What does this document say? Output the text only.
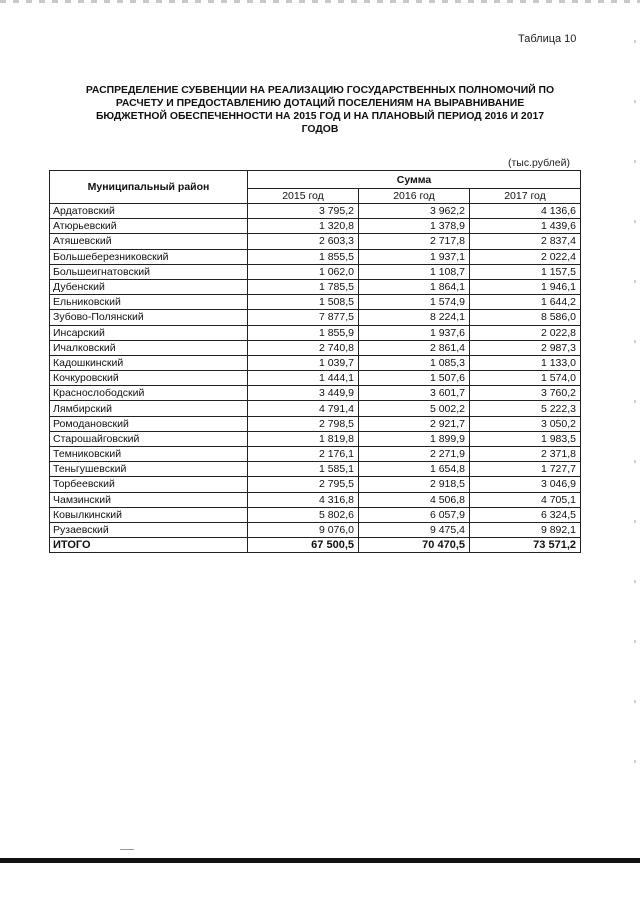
Таблица 10
РАСПРЕДЕЛЕНИЕ СУБВЕНЦИИ НА РЕАЛИЗАЦИЮ ГОСУДАРСТВЕННЫХ ПОЛНОМОЧИЙ ПО
РАСЧЕТУ И ПРЕДОСТАВЛЕНИЮ ДОТАЦИЙ ПОСЕЛЕНИЯМ НА ВЫРАВНИВАНИЕ
БЮДЖЕТНОЙ ОБЕСПЕЧЕННОСТИ НА 2015 ГОД И НА ПЛАНОВЫЙ ПЕРИОД 2016 И 2017
ГОДОВ
(тыс.рублей)
Муниципальный район	Сумма		
	2015 год	2016 год	2017 год
Ардатовский	3 795,2	3 962,2	4 136,6
Атюрьевский	1 320,8	1 378,9	1 439,6
Атяшевский	2 603,3	2 717,8	2 837,4
Большеберезниковский	1 855,5	1 937,1	2 022,4
Большеигнатовский	1 062,0	1 108,7	1 157,5
Дубенский	1 785,5	1 864,1	1 946,1
Ельниковский	1 508,5	1 574,9	1 644,2
Зубово-Полянский	7 877,5	8 224,1	8 586,0
Инсарский	1 855,9	1 937,6	2 022,8
Ичалковский	2 740,8	2 861,4	2 987,3
Кадошкинский	1 039,7	1 085,3	1 133,0
Кочкуровский	1 444,1	1 507,6	1 574,0
Краснослободский	3 449,9	3 601,7	3 760,2
Лямбирский	4 791,4	5 002,2	5 222,3
Ромодановский	2 798,5	2 921,7	3 050,2
Старошайговский	1 819,8	1 899,9	1 983,5
Темниковский	2 176,1	2 271,9	2 371,8
Теньгушевский	1 585,1	1 654,8	1 727,7
Торбеевский	2 795,5	2 918,5	3 046,9
Чамзинский	4 316,8	4 506,8	4 705,1
Ковылкинский	5 802,6	6 057,9	6 324,5
Рузаевский	9 076,0	9 475,4	9 892,1
ИТОГО	67 500,5	70 470,5	73 571,2
